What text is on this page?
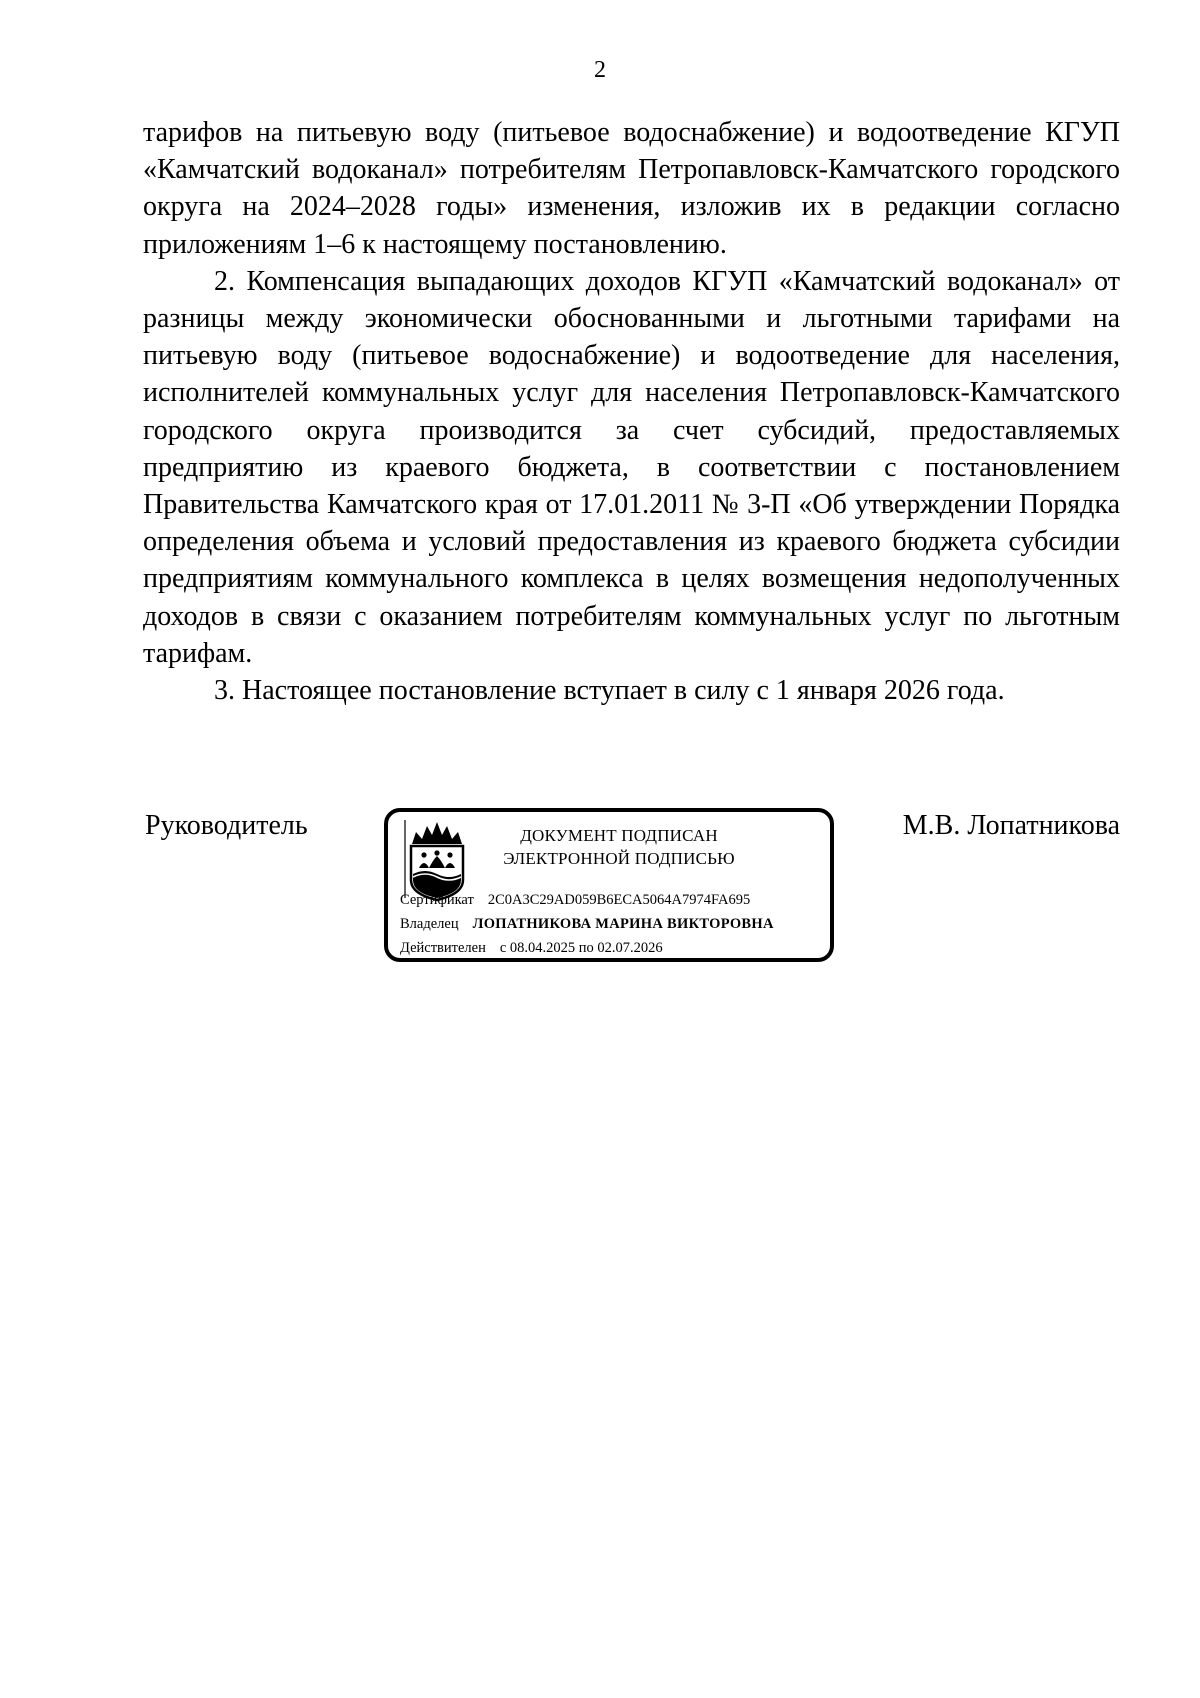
2

тарифов на питьевую воду (питьевое водоснабжение) и водоотведение КГУП «Камчатский водоканал» потребителям Петропавловск-Камчатского городского округа на 2024–2028 годы» изменения, изложив их в редакции согласно приложениям 1–6 к настоящему постановлению.

2. Компенсация выпадающих доходов КГУП «Камчатский водоканал» от разницы между экономически обоснованными и льготными тарифами на питьевую воду (питьевое водоснабжение) и водоотведение для населения, исполнителей коммунальных услуг для населения Петропавловск-Камчатского городского округа производится за счет субсидий, предоставляемых предприятию из краевого бюджета, в соответствии с постановлением Правительства Камчатского края от 17.01.2011 № 3-П «Об утверждении Порядка определения объема и условий предоставления из краевого бюджета субсидии предприятиям коммунального комплекса в целях возмещения недополученных доходов в связи с оказанием потребителям коммунальных услуг по льготным тарифам.

3. Настоящее постановление вступает в силу с 1 января 2026 года.

Руководитель	ДОКУМЕНТ ПОДПИСАН
ЭЛЕКТРОННОЙ ПОДПИСЬЮ
Сертификат 2C0A3C29AD059B6ECA5064A7974FA695
Владелец ЛОПАТНИКОВА МАРИНА ВИКТОРОВНА
Действителен с 08.04.2025 по 02.07.2026
М.В. Лопатникова
